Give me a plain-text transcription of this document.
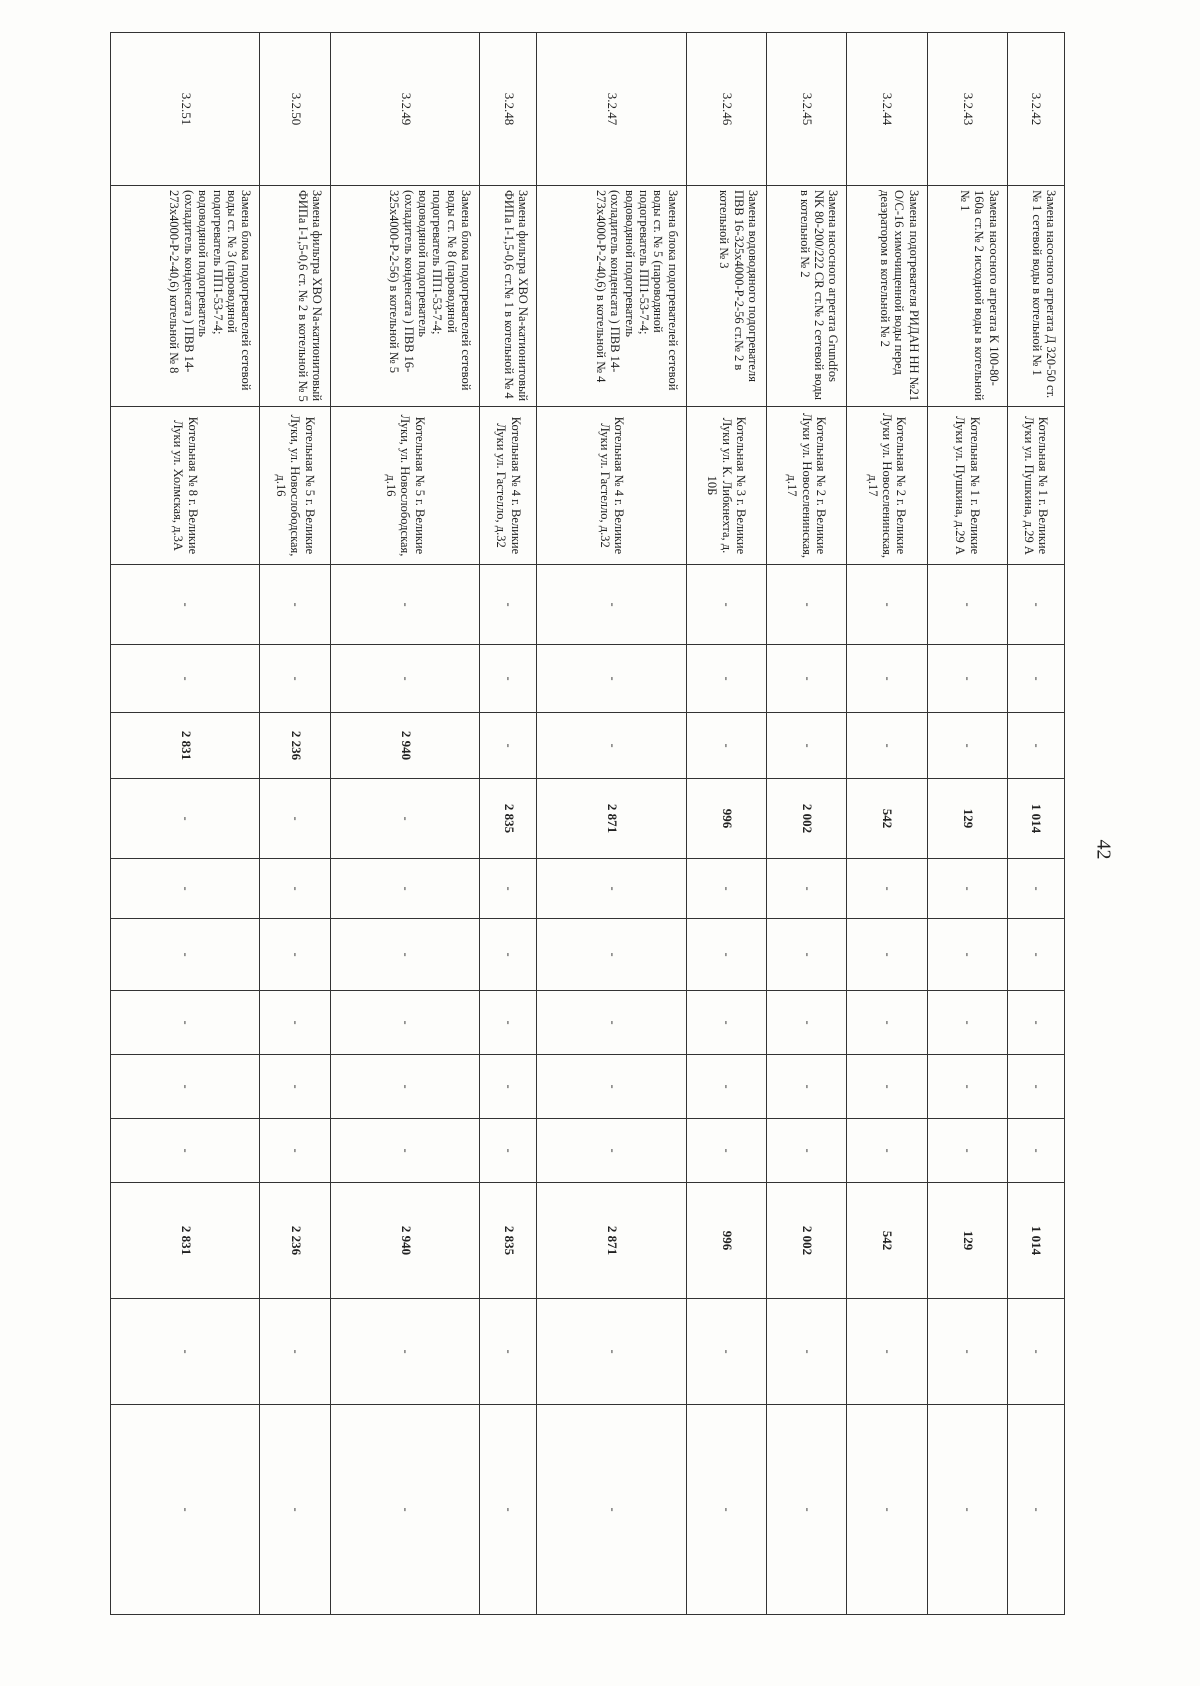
42
3.2.42	Замена насосного агрегата Д 320-50 ст.№ 1 сетевой воды в котельной № 1	Котельная № 1 г. Великие Луки ул. Пушкина, д.29 А	-	-	-	1 014	-	-	-	-	-	1 014	-	-
3.2.43	Замена насосного агрегата К 100-80-160а ст.№ 2 исходной воды в котельной № 1	Котельная № 1 г. Великие Луки ул. Пушкина, д.29 А	-	-	-	129	-	-	-	-	-	129	-	-
3.2.44	Замена подогревателя РИДАН НН №21 О/С-16 химочищенной воды перед деаэратором в котельной № 2	Котельная № 2 г. Великие Луки ул. Новоселенинская, д.17	-	-	-	542	-	-	-	-	-	542	-	-
3.2.45	Замена насосного агрегата Grundfos NK 80-200/222 CR ст.№ 2 сетевой воды в котельной № 2	Котельная № 2 г. Великие Луки ул. Новоселенинская, д.17	-	-	-	2 002	-	-	-	-	-	2 002	-	-
3.2.46	Замена водоводяного подогревателя ПВВ 16-325х4000-Р-2-56 ст.№ 2 в котельной № 3	Котельная № 3 г. Великие Луки ул. К. Либкнехта, д. 10Б	-	-	-	996	-	-	-	-	-	996	-	-
3.2.47	Замена блока подогревателей сетевой воды ст. № 5 (пароводяной подогреватель ПП1-53-7-4; водоводяной подогреватель (охладитель конденсата ) ПВВ 14- 273х4000-Р-2-40,6) в котельной № 4	Котельная № 4 г. Великие Луки ул. Гастелло, д.32	-	-	-	2 871	-	-	-	-	-	2 871	-	-
3.2.48	Замена фильтра ХВО Na-катионитовый ФИПа I-1,5-0,6 ст.№ 1 в котельной № 4	Котельная № 4 г. Великие Луки ул. Гастелло, д.32	-	-	-	2 835	-	-	-	-	-	2 835	-	-
3.2.49	Замена блока подогревателей сетевой воды ст. № 8 (пароводяной подогреватель ПП1-53-7-4; водоводяной подогреватель (охладитель конденсата ) ПВВ 16-325х4000-Р-2-56) в котельной № 5	Котельная № 5 г. Великие Луки, ул. Новослободская, д.16	-	-	2 940	-	-	-	-	-	-	2 940	-	-
3.2.50	Замена фильтра ХВО Na-катионитовый ФИПа I-1,5-0,6 ст. № 2 в котельной № 5	Котельная № 5 г. Великие Луки, ул. Новослободская, д.16	-	-	2 236	-	-	-	-	-	-	2 236	-	-
3.2.51	Замена блока подогревателей сетевой воды ст. № 3 (пароводяной подогреватель ПП1-53-7-4; водоводяной подогреватель (охладитель конденсата ) ПВВ 14-273х4000-Р-2-40,6) котельной № 8	Котельная № 8 г. Великие Луки ул. Холмская, д.3А	-	-	2 831	-	-	-	-	-	-	2 831	-	-
